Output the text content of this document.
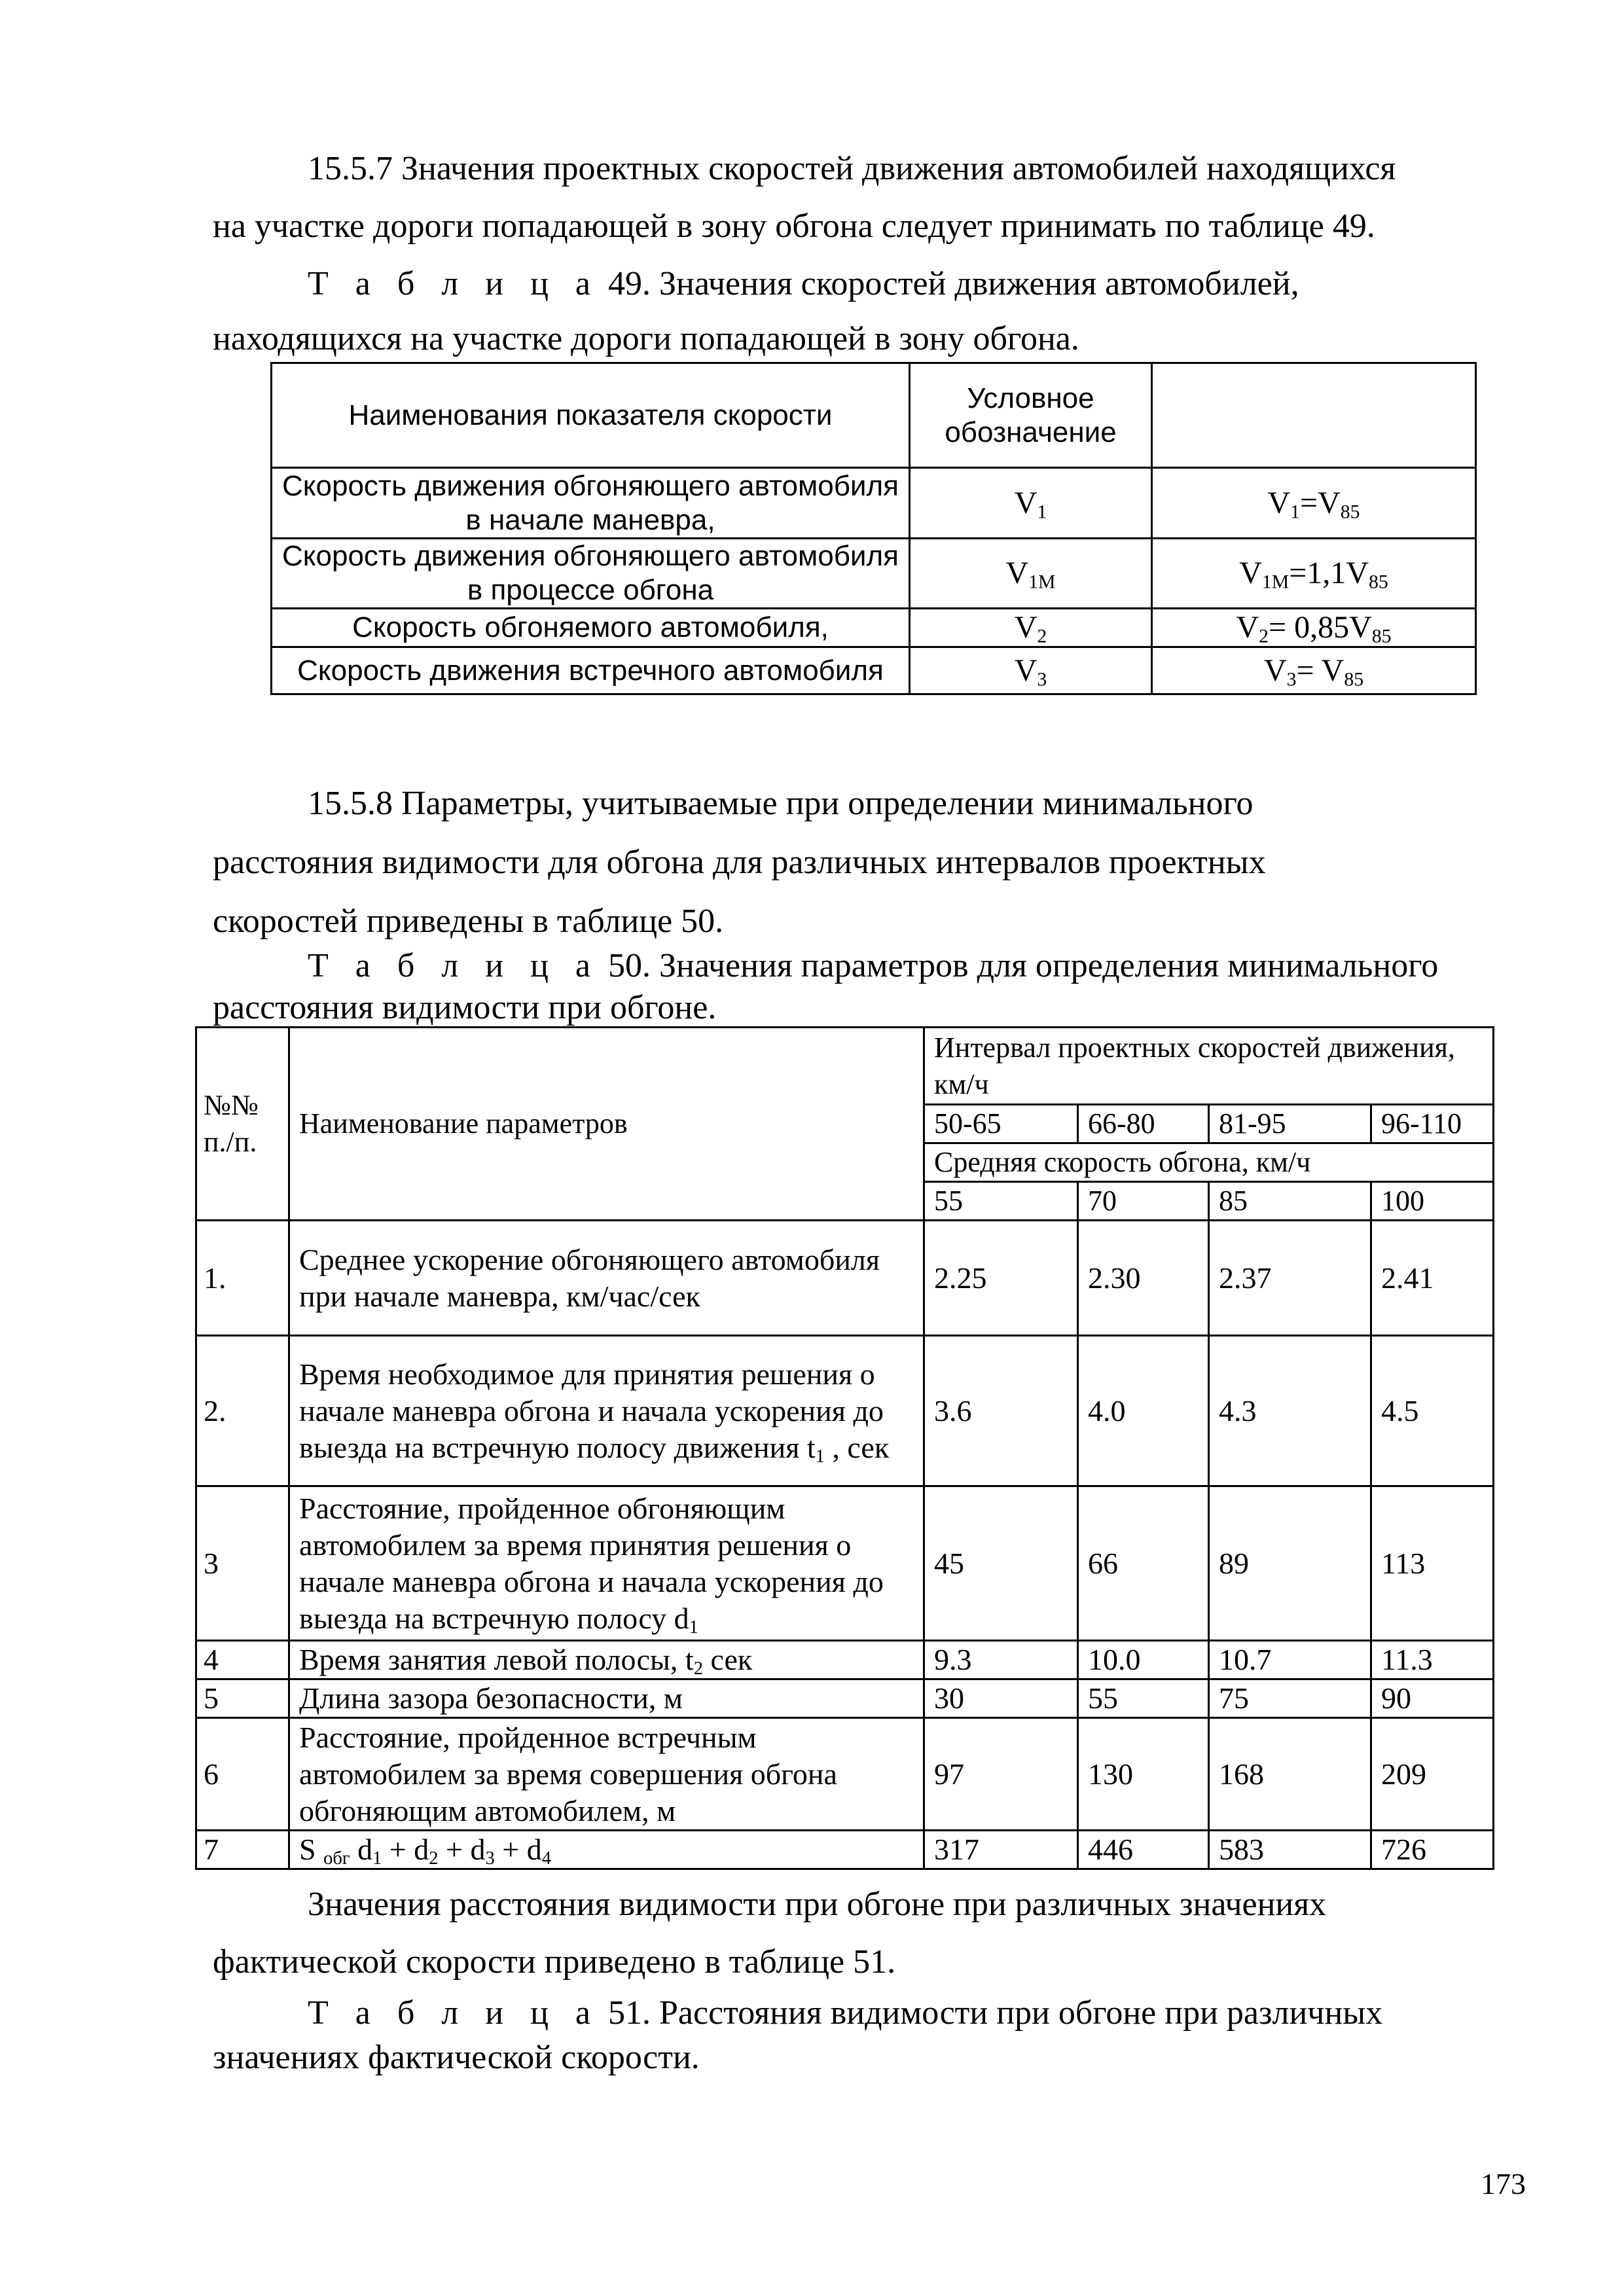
15.5.7 Значения проектных скоростей движения автомобилей находящихся
на участке дороги попадающей в зону обгона следует принимать по таблице 49.
Т а б л и ц а 49. Значения скоростей движения автомобилей,
находящихся на участке дороги попадающей в зону обгона.
Наименования показателя скорости	Условное обозначение	
Скорость движения обгоняющего автомобиля в начале маневра,	$V_1$	$V_1=V_{85}$
Скорость движения обгоняющего автомобиля в процессе обгона	$V_{1M}$	$V_{1M}=1,1V_{85}$
Скорость обгоняемого автомобиля,	$V_2$	$V_2= 0,85V_{85}$
Скорость движения встречного автомобиля	$V_3$	$V_3= V_{85}$
15.5.8 Параметры, учитываемые при определении минимального
расстояния видимости для обгона для различных интервалов проектных
скоростей приведены в таблице 50.
Т а б л и ц а 50. Значения параметров для определения минимального
расстояния видимости при обгоне.
№№ п./п.	Наименование параметров	Интервал проектных скоростей движения, км/ч			
		50-65	66-80	81-95	96-110
		Средняя скорость обгона, км/ч			
		55	70	85	100
1.	Среднее ускорение обгоняющего автомобиля при начале маневра, км/час/сек	2.25	2.30	2.37	2.41
2.	Время необходимое для принятия решения о начале маневра обгона и начала ускорения до выезда на встречную полосу движения $t_1$ , сек	3.6	4.0	4.3	4.5
3	Расстояние, пройденное обгоняющим автомобилем за время принятия решения о начале маневра обгона и начала ускорения до выезда на встречную полосу $d_1$	45	66	89	113
4	Время занятия левой полосы, $t_2$ сек	9.3	10.0	10.7	11.3
5	Длина зазора безопасности, м	30	55	75	90
6	Расстояние, пройденное встречным автомобилем за время совершения обгона обгоняющим автомобилем, м	97	130	168	209
7	S $_{обг}$ $d_1 + d_2 + d_3 + d_4$	317	446	583	726
Значения расстояния видимости при обгоне при различных значениях
фактической скорости приведено в таблице 51.
Т а б л и ц а 51. Расстояния видимости при обгоне при различных
значениях фактической скорости.
173
